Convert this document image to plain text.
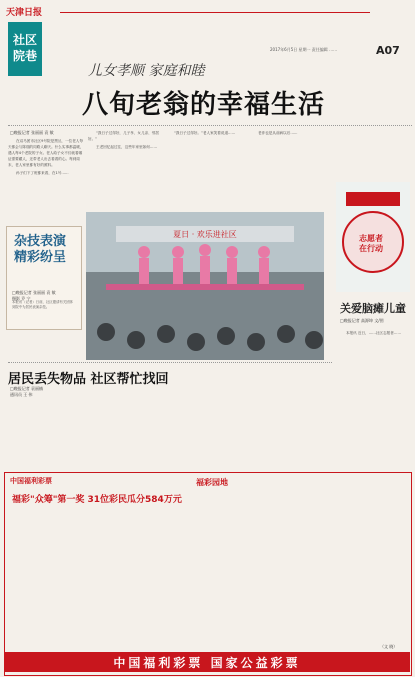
天津日报
社区
院巷	2017年6月5日 星期一 责任编辑 ……	A07
儿女孝顺 家庭和睦
八旬老翁的幸福生活
□晚报记者 张丽丽 袁 敏

在双马团市社区9号院是黑丛，一位老人每天都会与陈瑞的同路人聊天。什么实事都温暖，遇人每4个老院的子女。老人给子女不仅就看哪证需要藏人，还带老人出去看看的心。每到周末，老人家里都有好的照料。

孙子们下了班都来看，在1号……

“我日子过得好，儿子孝、女儿亲、邻居好。”

王老回忆起过往，这些年家里如何……

“我日子过得好。”老人家笑着说道……	老伴也是从前病以后……

杂技表演
精彩纷呈
□晚报记者 张丽丽 袁 敏
摄影 乔 宁
本报讯（记者）日前，社区邀请有关团体到院中为居民表演杂技。
夏日 · 欢乐进社区	志愿者
在行动
关爱脑瘫儿童
□晚报记者 高源坤 文/图

本报讯 近日，……社区志愿者……

居民丢失物品 社区帮忙找回
□晚报记者 袁丽楠
通讯员 王 伟
中国福利彩票	福彩园地
福彩"众筹"第一奖 31位彩民瓜分584万元
（文 晓）
中国福利彩票 国家公益彩票
